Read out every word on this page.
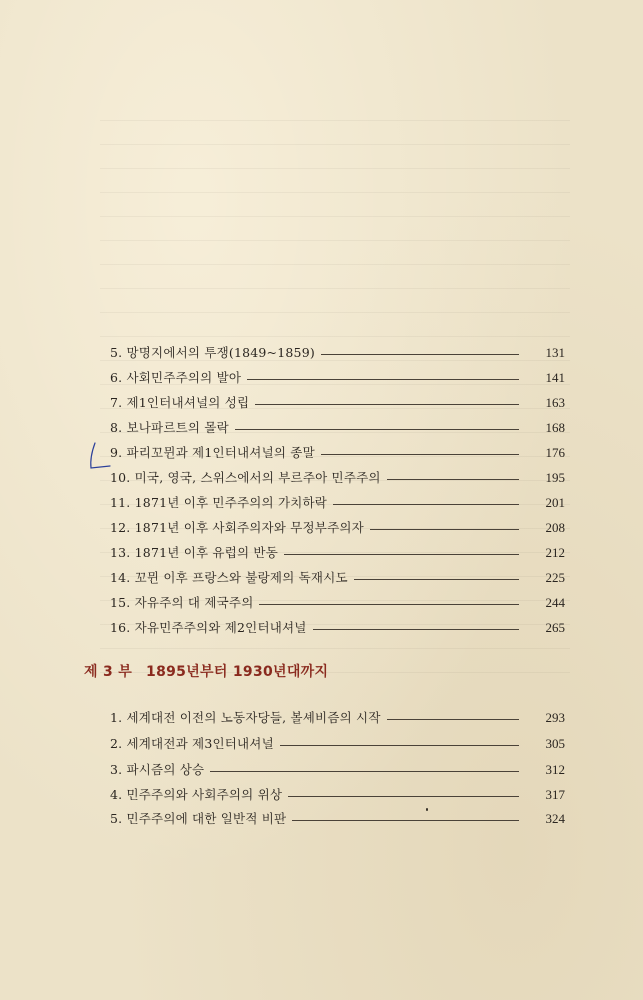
5. 망명지에서의 투쟁(1849~1859)	131
6. 사회민주주의의 발아	141
7. 제1인터내셔널의 성립	163
8. 보나파르트의 몰락	168
9. 파리꼬뮌과 제1인터내셔널의 종말	176
10. 미국, 영국, 스위스에서의 부르주아 민주주의	195
11. 1871년 이후 민주주의의 가치하락	201
12. 1871년 이후 사회주의자와 무정부주의자	208
13. 1871년 이후 유럽의 반동	212
14. 꼬뮌 이후 프랑스와 불랑제의 독재시도	225
15. 자유주의 대 제국주의	244
16. 자유민주주의와 제2인터내셔널	265
제 3 부 1895년부터 1930년대까지
1. 세계대전 이전의 노동자당들, 볼셰비즘의 시작	293
2. 세계대전과 제3인터내셔널	305
3. 파시즘의 상승	312
4. 민주주의와 사회주의의 위상	317
5. 민주주의에 대한 일반적 비판	324
